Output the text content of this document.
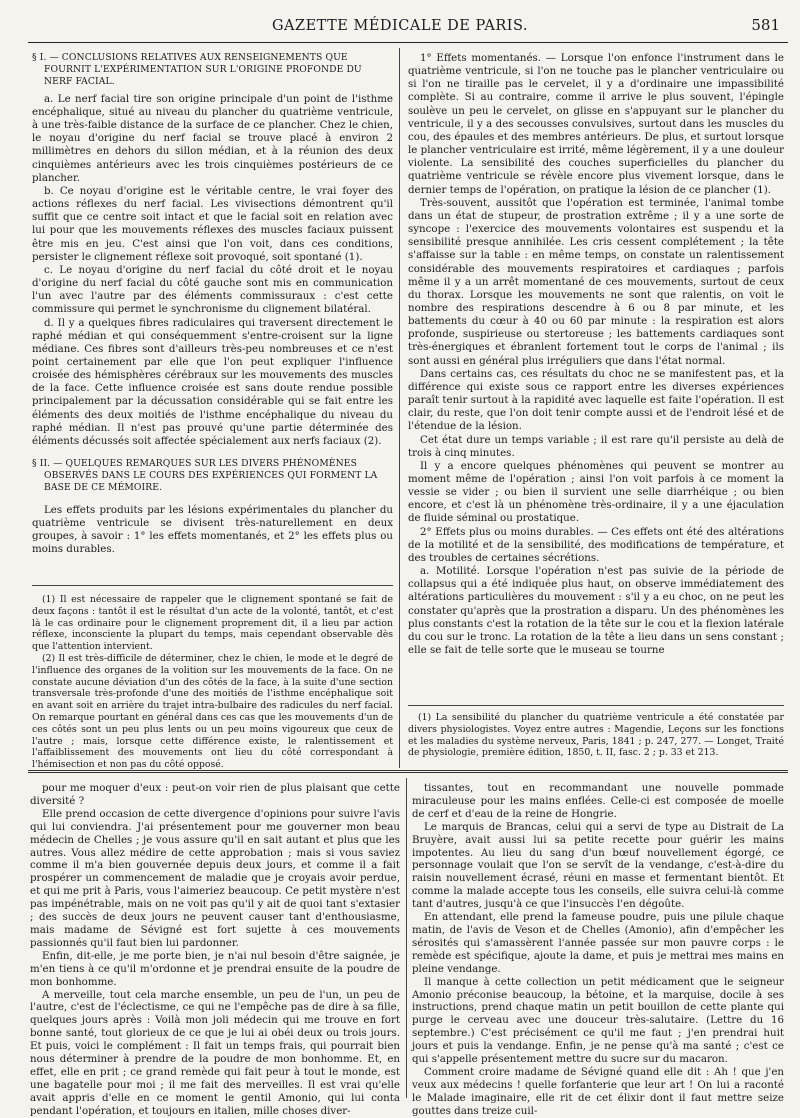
GAZETTE MÉDICALE DE PARIS.	581
§ I. — CONCLUSIONS RELATIVES AUX RENSEIGNEMENTS QUE FOURNIT L'EXPÉRIMENTATION SUR L'ORIGINE PROFONDE DU NERF FACIAL.

a. Le nerf facial tire son origine principale d'un point de l'isthme encéphalique, situé au niveau du plancher du quatrième ventricule, à une très-faible distance de la surface de ce plancher. Chez le chien, le noyau d'origine du nerf facial se trouve placé à environ 2 millimètres en dehors du sillon médian, et à la réunion des deux cinquièmes antérieurs avec les trois cinquièmes postérieurs de ce plancher.

b. Ce noyau d'origine est le véritable centre, le vrai foyer des actions réflexes du nerf facial. Les vivisections démontrent qu'il suffit que ce centre soit intact et que le facial soit en relation avec lui pour que les mouvements réflexes des muscles faciaux puissent être mis en jeu. C'est ainsi que l'on voit, dans ces conditions, persister le clignement réflexe soit provoqué, soit spontané (1).

c. Le noyau d'origine du nerf facial du côté droit et le noyau d'origine du nerf facial du côté gauche sont mis en communication l'un avec l'autre par des éléments commissuraux : c'est cette commissure qui permet le synchronisme du clignement bilatéral.

d. Il y a quelques fibres radiculaires qui traversent directement le raphé médian et qui conséquemment s'entre-croisent sur la ligne médiane. Ces fibres sont d'ailleurs très-peu nombreuses et ce n'est point certainement par elle que l'on peut expliquer l'influence croisée des hémisphères cérébraux sur les mouvements des muscles de la face. Cette influence croisée est sans doute rendue possible principalement par la décussation considérable qui se fait entre les éléments des deux moitiés de l'isthme encéphalique du niveau du raphé médian. Il n'est pas prouvé qu'une partie déterminée des éléments décussés soit affectée spécialement aux nerfs faciaux (2).

§ II. — QUELQUES REMARQUES SUR LES DIVERS PHÉNOMÈNES OBSERVÉS DANS LE COURS DES EXPÉRIENCES QUI FORMENT LA BASE DE CE MÉMOIRE.

Les effets produits par les lésions expérimentales du plancher du quatrième ventricule se divisent très-naturellement en deux groupes, à savoir : 1° les effets momentanés, et 2° les effets plus ou moins durables.

(1) Il est nécessaire de rappeler que le clignement spontané se fait de deux façons : tantôt il est le résultat d'un acte de la volonté, tantôt, et c'est là le cas ordinaire pour le clignement proprement dit, il a lieu par action réflexe, inconsciente la plupart du temps, mais cependant observable dès que l'attention intervient.

(2) Il est très-difficile de déterminer, chez le chien, le mode et le degré de l'influence des organes de la volition sur les mouvements de la face. On ne constate aucune déviation d'un des côtés de la face, à la suite d'une section transversale très-profonde d'une des moitiés de l'isthme encéphalique soit en avant soit en arrière du trajet intra-bulbaire des radicules du nerf facial. On remarque pourtant en général dans ces cas que les mouvements d'un de ces côtés sont un peu plus lents ou un peu moins vigoureux que ceux de l'autre ; mais, lorsque cette différence existe, le ralentissement et l'affaiblissement des mouvements ont lieu du côté correspondant à l'hémisection et non pas du côté opposé.

1° Effets momentanés. — Lorsque l'on enfonce l'instrument dans le quatrième ventricule, si l'on ne touche pas le plancher ventriculaire ou si l'on ne tiraille pas le cervelet, il y a d'ordinaire une impassibilité complète. Si au contraire, comme il arrive le plus souvent, l'épingle soulève un peu le cervelet, on glisse en s'appuyant sur le plancher du ventricule, il y a des secousses convulsives, surtout dans les muscles du cou, des épaules et des membres antérieurs. De plus, et surtout lorsque le plancher ventriculaire est irrité, même légèrement, il y a une douleur violente. La sensibilité des couches superficielles du plancher du quatrième ventricule se révèle encore plus vivement lorsque, dans le dernier temps de l'opération, on pratique la lésion de ce plancher (1).

Très-souvent, aussitôt que l'opération est terminée, l'animal tombe dans un état de stupeur, de prostration extrême ; il y a une sorte de syncope : l'exercice des mouvements volontaires est suspendu et la sensibilité presque annihilée. Les cris cessent complétement ; la tête s'affaisse sur la table : en même temps, on constate un ralentissement considérable des mouvements respiratoires et cardiaques ; parfois même il y a un arrêt momentané de ces mouvements, surtout de ceux du thorax. Lorsque les mouvements ne sont que ralentis, on voit le nombre des respirations descendre à 6 ou 8 par minute, et les battements du cœur à 40 ou 60 par minute : la respiration est alors profonde, suspirieuse ou stertoreuse ; les battements cardiaques sont très-énergiques et ébranlent fortement tout le corps de l'animal ; ils sont aussi en général plus irréguliers que dans l'état normal.

Dans certains cas, ces résultats du choc ne se manifestent pas, et la différence qui existe sous ce rapport entre les diverses expériences paraît tenir surtout à la rapidité avec laquelle est faite l'opération. Il est clair, du reste, que l'on doit tenir compte aussi et de l'endroit lésé et de l'étendue de la lésion.

Cet état dure un temps variable ; il est rare qu'il persiste au delà de trois à cinq minutes.

Il y a encore quelques phénomènes qui peuvent se montrer au moment même de l'opération ; ainsi l'on voit parfois à ce moment la vessie se vider ; ou bien il survient une selle diarrhéique ; ou bien encore, et c'est là un phénomène très-ordinaire, il y a une éjaculation de fluide séminal ou prostatique.

2° Effets plus ou moins durables. — Ces effets ont été des altérations de la motilité et de la sensibilité, des modifications de température, et des troubles de certaines sécrétions.

a. Motilité. Lorsque l'opération n'est pas suivie de la période de collapsus qui a été indiquée plus haut, on observe immédiatement des altérations particulières du mouvement : s'il y a eu choc, on ne peut les constater qu'après que la prostration a disparu. Un des phénomènes les plus constants c'est la rotation de la tête sur le cou et la flexion latérale du cou sur le tronc. La rotation de la tête a lieu dans un sens constant ; elle se fait de telle sorte que le museau se tourne

(1) La sensibilité du plancher du quatrième ventricule a été constatée par divers physiologistes. Voyez entre autres : Magendie, Leçons sur les fonctions et les maladies du système nerveux, Paris, 1841 ; p. 247, 277. — Longet, Traité de physiologie, première édition, 1850, t. II, fasc. 2 ; p. 33 et 213.

pour me moquer d'eux : peut-on voir rien de plus plaisant que cette diversité ?

Elle prend occasion de cette divergence d'opinions pour suivre l'avis qui lui conviendra. J'ai présentement pour me gouverner mon beau médecin de Chelles ; je vous assure qu'il en sait autant et plus que les autres. Vous allez médire de cette approbation ; mais si vous saviez comme il m'a bien gouvernée depuis deux jours, et comme il a fait prospérer un commencement de maladie que je croyais avoir perdue, et qui me prit à Paris, vous l'aimeriez beaucoup. Ce petit mystère n'est pas impénétrable, mais on ne voit pas qu'il y ait de quoi tant s'extasier ; des succès de deux jours ne peuvent causer tant d'enthousiasme, mais madame de Sévigné est fort sujette à ces mouvements passionnés qu'il faut bien lui pardonner.

Enfin, dit-elle, je me porte bien, je n'ai nul besoin d'être saignée, je m'en tiens à ce qu'il m'ordonne et je prendrai ensuite de la poudre de mon bonhomme.

A merveille, tout cela marche ensemble, un peu de l'un, un peu de l'autre, c'est de l'éclectisme, ce qui ne l'empêche pas de dire à sa fille, quelques jours après : Voilà mon joli médecin qui me trouve en fort bonne santé, tout glorieux de ce que je lui ai obéi deux ou trois jours. Et puis, voici le complément : Il fait un temps frais, qui pourrait bien nous déterminer à prendre de la poudre de mon bonhomme. Et, en effet, elle en prit ; ce grand remède qui fait peur à tout le monde, est une bagatelle pour moi ; il me fait des merveilles. Il est vrai qu'elle avait appris d'elle en ce moment le gentil Amonio, qui lui conta pendant l'opération, et toujours en italien, mille choses diver-

tissantes, tout en recommandant une nouvelle pommade miraculeuse pour les mains enflées. Celle-ci est composée de moelle de cerf et d'eau de la reine de Hongrie.

Le marquis de Brancas, celui qui a servi de type au Distrait de La Bruyère, avait aussi lui sa petite recette pour guérir les mains impotentes. Au lieu du sang d'un bœuf nouvellement égorgé, ce personnage voulait que l'on se servît de la vendange, c'est-à-dire du raisin nouvellement écrasé, réuni en masse et fermentant bientôt. Et comme la malade accepte tous les conseils, elle suivra celui-là comme tant d'autres, jusqu'à ce que l'insuccès l'en dégoûte.

En attendant, elle prend la fameuse poudre, puis une pilule chaque matin, de l'avis de Veson et de Chelles (Amonio), afin d'empêcher les sérosités qui s'amassèrent l'année passée sur mon pauvre corps : le remède est spécifique, ajoute la dame, et puis je mettrai mes mains en pleine vendange.

Il manque à cette collection un petit médicament que le seigneur Amonio préconise beaucoup, la bétoine, et la marquise, docile à ses instructions, prend chaque matin un petit bouillon de cette plante qui purge le cerveau avec une douceur très-salutaire. (Lettre du 16 septembre.) C'est précisément ce qu'il me faut ; j'en prendrai huit jours et puis la vendange. Enfin, je ne pense qu'à ma santé ; c'est ce qui s'appelle présentement mettre du sucre sur du macaron.

Comment croire madame de Sévigné quand elle dit : Ah ! que j'en veux aux médecins ! quelle forfanterie que leur art ! On lui a raconté le Malade imaginaire, elle rit de cet élixir dont il faut mettre seize gouttes dans treize cuil-
